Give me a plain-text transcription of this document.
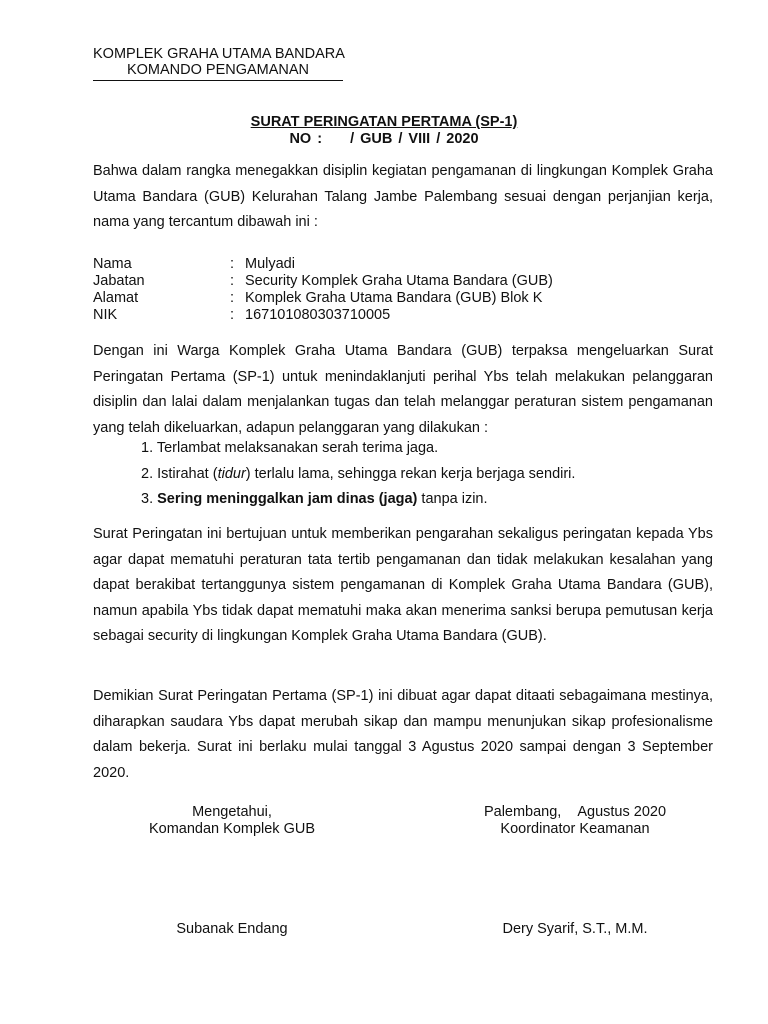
KOMPLEK GRAHA UTAMA BANDARA
KOMANDO PENGAMANAN
SURAT PERINGATAN PERTAMA (SP-1)
NO : / GUB / VIII / 2020
Bahwa dalam rangka menegakkan disiplin kegiatan pengamanan di lingkungan Komplek Graha Utama Bandara (GUB) Kelurahan Talang Jambe Palembang sesuai dengan perjanjian kerja, nama yang tercantum dibawah ini :
Nama	: Mulyadi
Jabatan	: Security Komplek Graha Utama Bandara (GUB)
Alamat	: Komplek Graha Utama Bandara (GUB) Blok K
NIK	: 167101080303710005
Dengan ini Warga Komplek Graha Utama Bandara (GUB) terpaksa mengeluarkan Surat Peringatan Pertama (SP-1) untuk menindaklanjuti perihal Ybs telah melakukan pelanggaran disiplin dan lalai dalam menjalankan tugas dan telah melanggar peraturan sistem pengamanan yang telah dikeluarkan, adapun pelanggaran yang dilakukan :
1. Terlambat melaksanakan serah terima jaga.
2. Istirahat (tidur) terlalu lama, sehingga rekan kerja berjaga sendiri.
3. Sering meninggalkan jam dinas (jaga) tanpa izin.
Surat Peringatan ini bertujuan untuk memberikan pengarahan sekaligus peringatan kepada Ybs agar dapat mematuhi peraturan tata tertib pengamanan dan tidak melakukan kesalahan yang dapat berakibat tertanggunya sistem pengamanan di Komplek Graha Utama Bandara (GUB), namun apabila Ybs tidak dapat mematuhi maka akan menerima sanksi berupa pemutusan kerja sebagai security di lingkungan Komplek Graha Utama Bandara (GUB).
Demikian Surat Peringatan Pertama (SP-1) ini dibuat agar dapat ditaati sebagaimana mestinya, diharapkan saudara Ybs dapat merubah sikap dan mampu menunjukan sikap profesionalisme dalam bekerja. Surat ini berlaku mulai tanggal 3 Agustus 2020 sampai dengan 3 September 2020.
Mengetahui,
Komandan Komplek GUB
Palembang, Agustus 2020
Koordinator Keamanan
Subanak Endang	Dery Syarif, S.T., M.M.
